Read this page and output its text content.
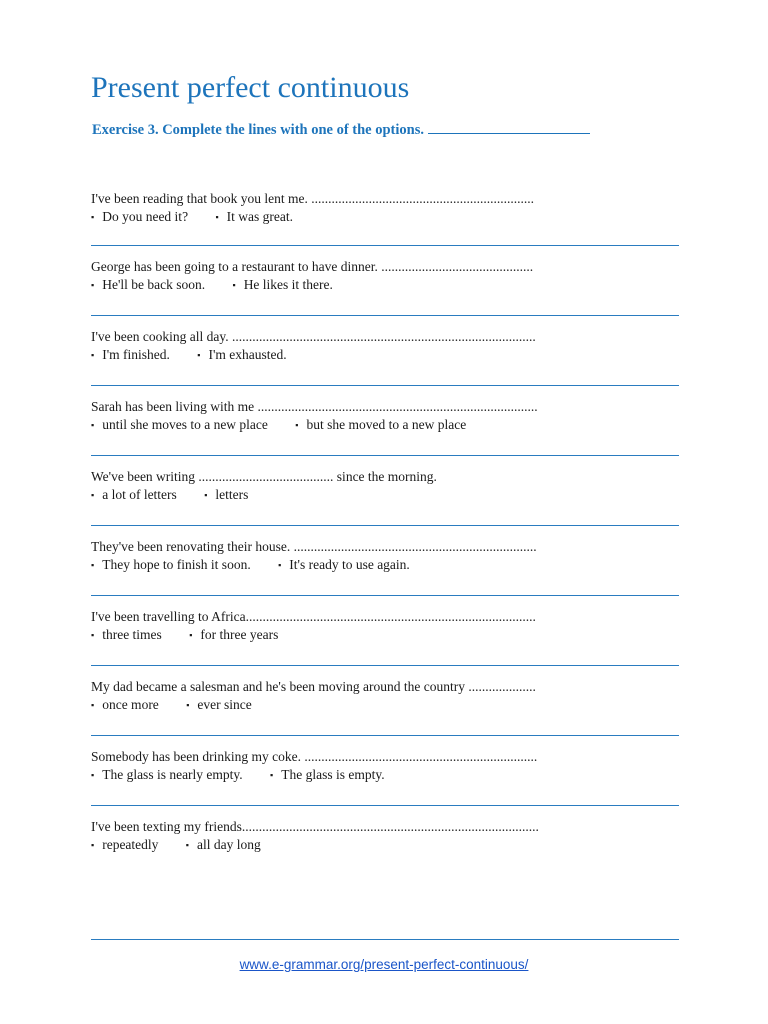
Present perfect continuous

Exercise 3. Complete the lines with one of the options.

I've been reading that book you lent me. ..................................................................
▪ Do you need it?	▪ It was great.
George has been going to a restaurant to have dinner. .............................................
▪ He'll be back soon.	▪ He likes it there.
I've been cooking all day. ..........................................................................................
▪ I'm finished.	▪ I'm exhausted.
Sarah has been living with me ...................................................................................
▪ until she moves to a new place	▪ but she moved to a new place
We've been writing ........................................ since the morning.
▪ a lot of letters	▪ letters
They've been renovating their house. ........................................................................
▪ They hope to finish it soon.	▪ It's ready to use again.
I've been travelling to Africa......................................................................................
▪ three times	▪ for three years
My dad became a salesman and he's been moving around the country ....................
▪ once more	▪ ever since
Somebody has been drinking my coke. .....................................................................
▪ The glass is nearly empty.	▪ The glass is empty.
I've been texting my friends........................................................................................
▪ repeatedly	▪ all day long
www.e-grammar.org/present-perfect-continuous/
